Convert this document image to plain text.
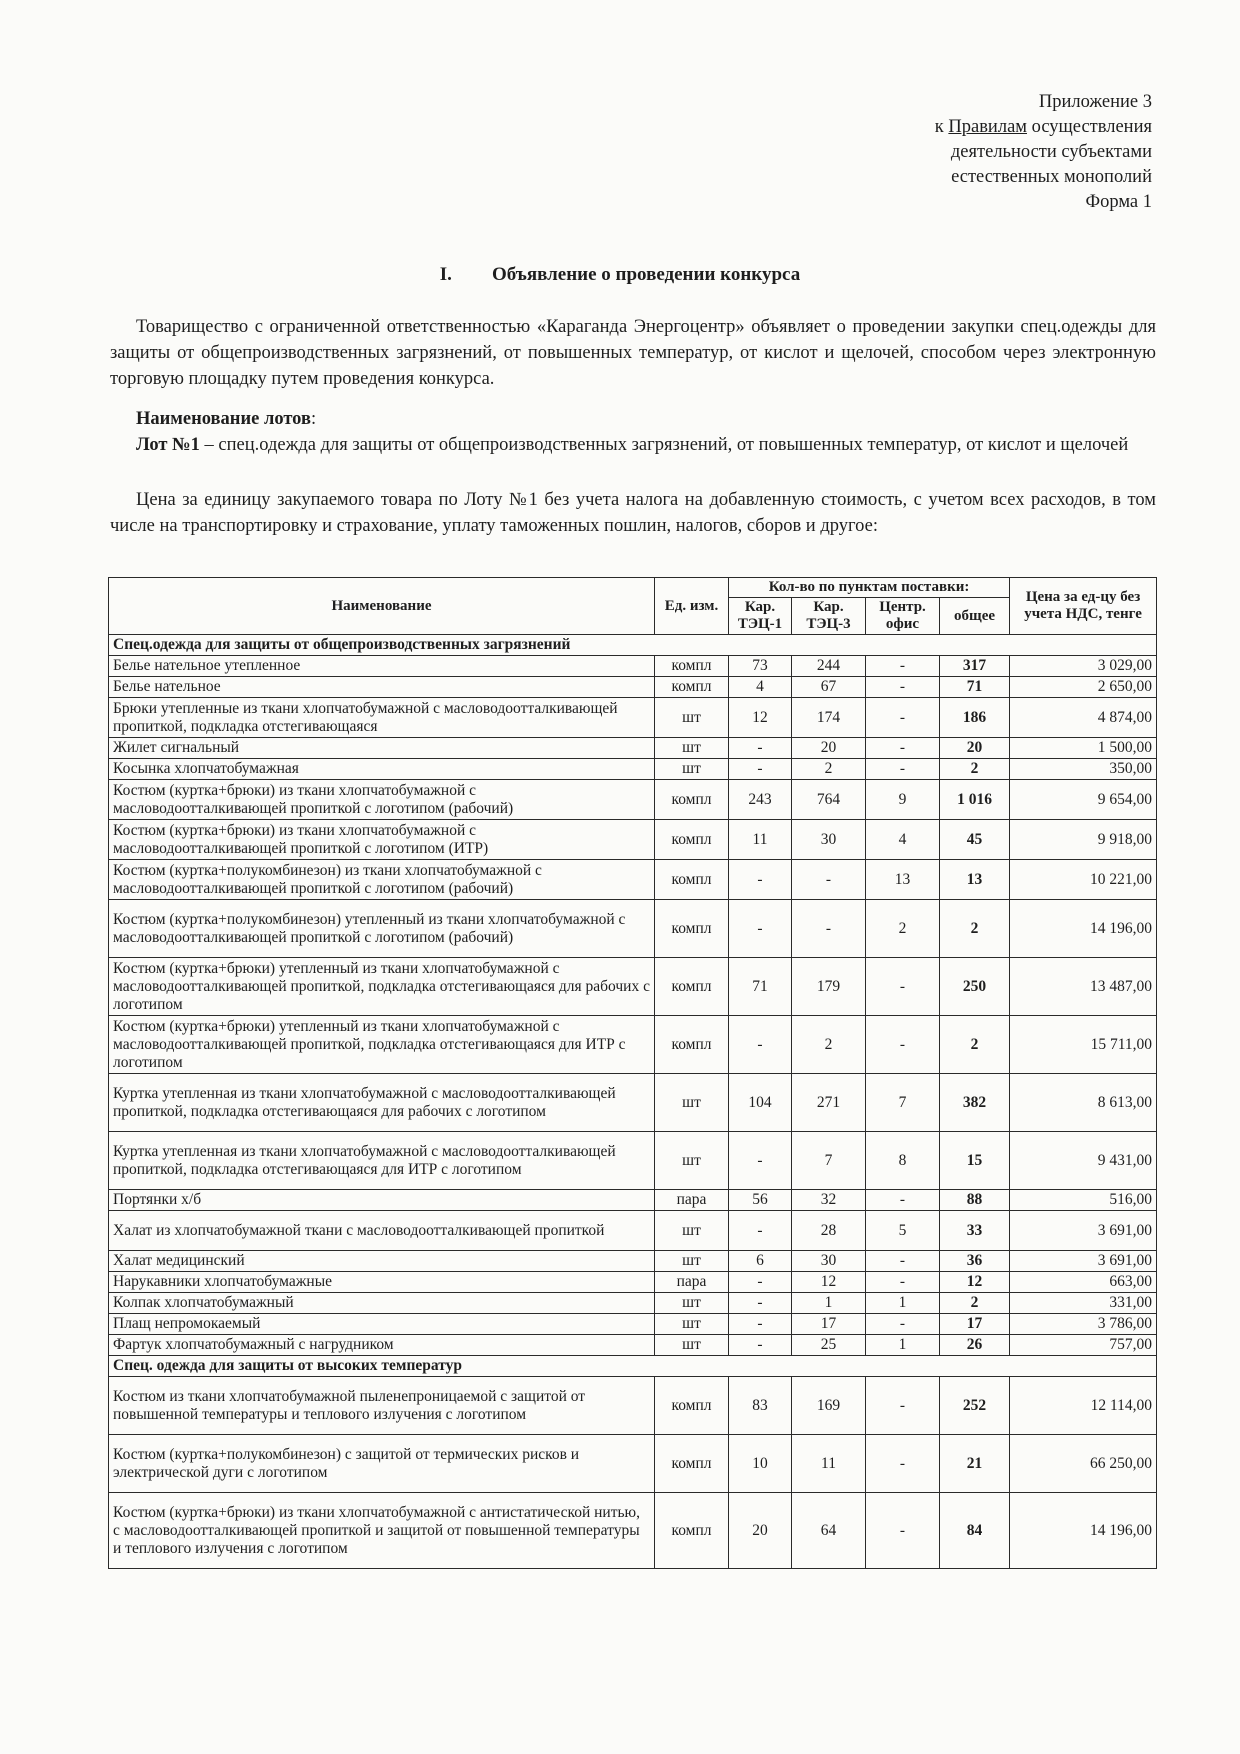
Приложение 3
к Правилам осуществления
деятельности субъектами
естественных монополий
Форма 1
I. Объявление о проведении конкурса
Товарищество с ограниченной ответственностью «Караганда Энергоцентр» объявляет о проведении закупки спец.одежды для защиты от общепроизводственных загрязнений, от повышенных температур, от кислот и щелочей, способом через электронную торговую площадку путем проведения конкурса.
Наименование лотов:
Лот №1 – спец.одежда для защиты от общепроизводственных загрязнений, от повышенных температур, от кислот и щелочей
Цена за единицу закупаемого товара по Лоту №1 без учета налога на добавленную стоимость, с учетом всех расходов, в том числе на транспортировку и страхование, уплату таможенных пошлин, налогов, сборов и другое:
Наименование	Ед. изм.	Кол-во по пунктам поставки:				Цена за ед-цу без учета НДС, тенге
		Кар. ТЭЦ-1	Кар. ТЭЦ-3	Центр. офис	общее	
Спец.одежда для защиты от общепроизводственных загрязнений						
Белье нательное утепленное	компл	73	244	-	317	3 029,00
Белье нательное	компл	4	67	-	71	2 650,00
Брюки утепленные из ткани хлопчатобумажной с масловодоотталкивающей пропиткой, подкладка отстегивающаяся	шт	12	174	-	186	4 874,00
Жилет сигнальный	шт	-	20	-	20	1 500,00
Косынка хлопчатобумажная	шт	-	2	-	2	350,00
Костюм (куртка+брюки) из ткани хлопчатобумажной с масловодоотталкивающей пропиткой с логотипом (рабочий)	компл	243	764	9	1 016	9 654,00
Костюм (куртка+брюки) из ткани хлопчатобумажной с масловодоотталкивающей пропиткой с логотипом (ИТР)	компл	11	30	4	45	9 918,00
Костюм (куртка+полукомбинезон) из ткани хлопчатобумажной с масловодоотталкивающей пропиткой с логотипом (рабочий)	компл	-	-	13	13	10 221,00
Костюм (куртка+полукомбинезон) утепленный из ткани хлопчатобумажной с масловодоотталкивающей пропиткой с логотипом (рабочий)	компл	-	-	2	2	14 196,00
Костюм (куртка+брюки) утепленный из ткани хлопчатобумажной с масловодоотталкивающей пропиткой, подкладка отстегивающаяся для рабочих с логотипом	компл	71	179	-	250	13 487,00
Костюм (куртка+брюки) утепленный из ткани хлопчатобумажной с масловодоотталкивающей пропиткой, подкладка отстегивающаяся для ИТР с логотипом	компл	-	2	-	2	15 711,00
Куртка утепленная из ткани хлопчатобумажной с масловодоотталкивающей пропиткой, подкладка отстегивающаяся для рабочих с логотипом	шт	104	271	7	382	8 613,00
Куртка утепленная из ткани хлопчатобумажной с масловодоотталкивающей пропиткой, подкладка отстегивающаяся для ИТР с логотипом	шт	-	7	8	15	9 431,00
Портянки х/б	пара	56	32	-	88	516,00
Халат из хлопчатобумажной ткани с масловодоотталкивающей пропиткой	шт	-	28	5	33	3 691,00
Халат медицинский	шт	6	30	-	36	3 691,00
Нарукавники хлопчатобумажные	пара	-	12	-	12	663,00
Колпак хлопчатобумажный	шт	-	1	1	2	331,00
Плащ непромокаемый	шт	-	17	-	17	3 786,00
Фартук хлопчатобумажный с нагрудником	шт	-	25	1	26	757,00
Спец. одежда для защиты от высоких температур						
Костюм из ткани хлопчатобумажной пыленепроницаемой с защитой от повышенной температуры и теплового излучения с логотипом	компл	83	169	-	252	12 114,00
Костюм (куртка+полукомбинезон) с защитой от термических рисков и электрической дуги с логотипом	компл	10	11	-	21	66 250,00
Костюм (куртка+брюки) из ткани хлопчатобумажной с антистатической нитью, с масловодоотталкивающей пропиткой и защитой от повышенной температуры и теплового излучения с логотипом	компл	20	64	-	84	14 196,00
